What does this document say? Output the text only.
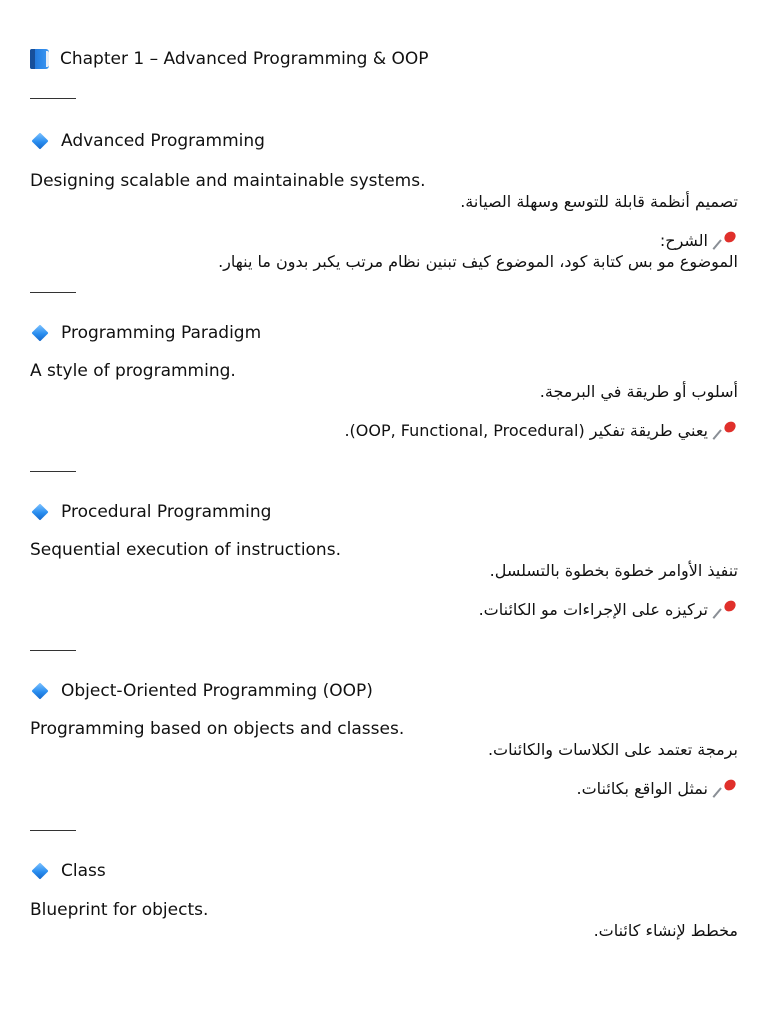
Chapter 1 – Advanced Programming & OOP
Advanced Programming
Designing scalable and maintainable systems.
تصميم أنظمة قابلة للتوسع وسهلة الصيانة.
الشرح:
الموضوع مو بس كتابة كود، الموضوع كيف تبنين نظام مرتب يكبر بدون ما ينهار.
Programming Paradigm
A style of programming.
أسلوب أو طريقة في البرمجة.
يعني طريقة تفكير (OOP, Functional, Procedural).
Procedural Programming
Sequential execution of instructions.
تنفيذ الأوامر خطوة بخطوة بالتسلسل.
تركيزه على الإجراءات مو الكائنات.
Object-Oriented Programming (OOP)
Programming based on objects and classes.
برمجة تعتمد على الكلاسات والكائنات.
نمثل الواقع بكائنات.
Class
Blueprint for objects.
مخطط لإنشاء كائنات.
